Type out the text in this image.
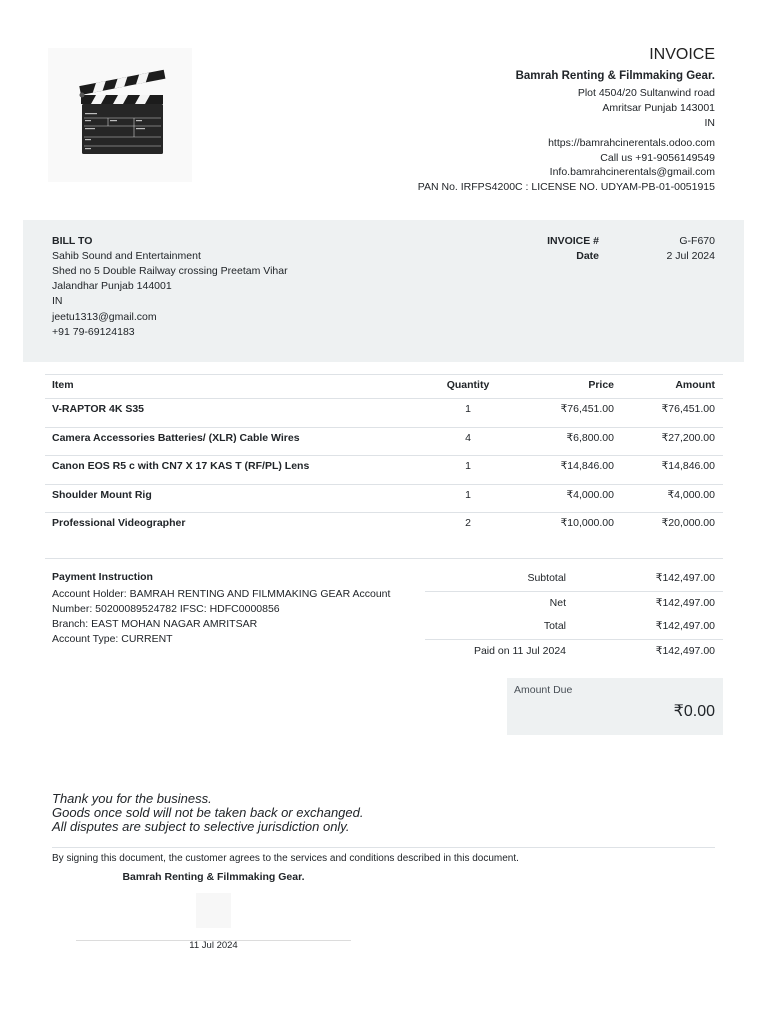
INVOICE
Bamrah Renting & Filmmaking Gear.
Plot 4504/20 Sultanwind road
Amritsar Punjab 143001
IN
https://bamrahcinerentals.odoo.com
Call us +91-9056149549
Info.bamrahcinerentals@gmail.com
PAN No. IRFPS4200C : LICENSE NO. UDYAM-PB-01-0051915
BILL TO
Sahib Sound and Entertainment
Shed no 5 Double Railway crossing Preetam Vihar
Jalandhar Punjab 144001
IN
jeetu1313@gmail.com
+91 79-69124183
INVOICE #	G-F670
Date	2 Jul 2024
Item	Quantity	Price	Amount
V-RAPTOR 4K S35	1	₹76,451.00	₹76,451.00
Camera Accessories Batteries/ (XLR) Cable Wires	4	₹6,800.00	₹27,200.00
Canon EOS R5 c with CN7 X 17 KAS T (RF/PL) Lens	1	₹14,846.00	₹14,846.00
Shoulder Mount Rig	1	₹4,000.00	₹4,000.00
Professional Videographer	2	₹10,000.00	₹20,000.00
Payment Instruction
Account Holder: BAMRAH RENTING AND FILMMAKING GEAR Account Number: 50200089524782 IFSC: HDFC0000856
Branch: EAST MOHAN NAGAR AMRITSAR
Account Type: CURRENT
Subtotal	₹142,497.00
Net	₹142,497.00
Total	₹142,497.00
Paid on 11 Jul 2024	₹142,497.00
Amount Due
₹0.00
Thank you for the business.
Goods once sold will not be taken back or exchanged.
All disputes are subject to selective jurisdiction only.
By signing this document, the customer agrees to the services and conditions described in this document.
Bamrah Renting & Filmmaking Gear.
11 Jul 2024
